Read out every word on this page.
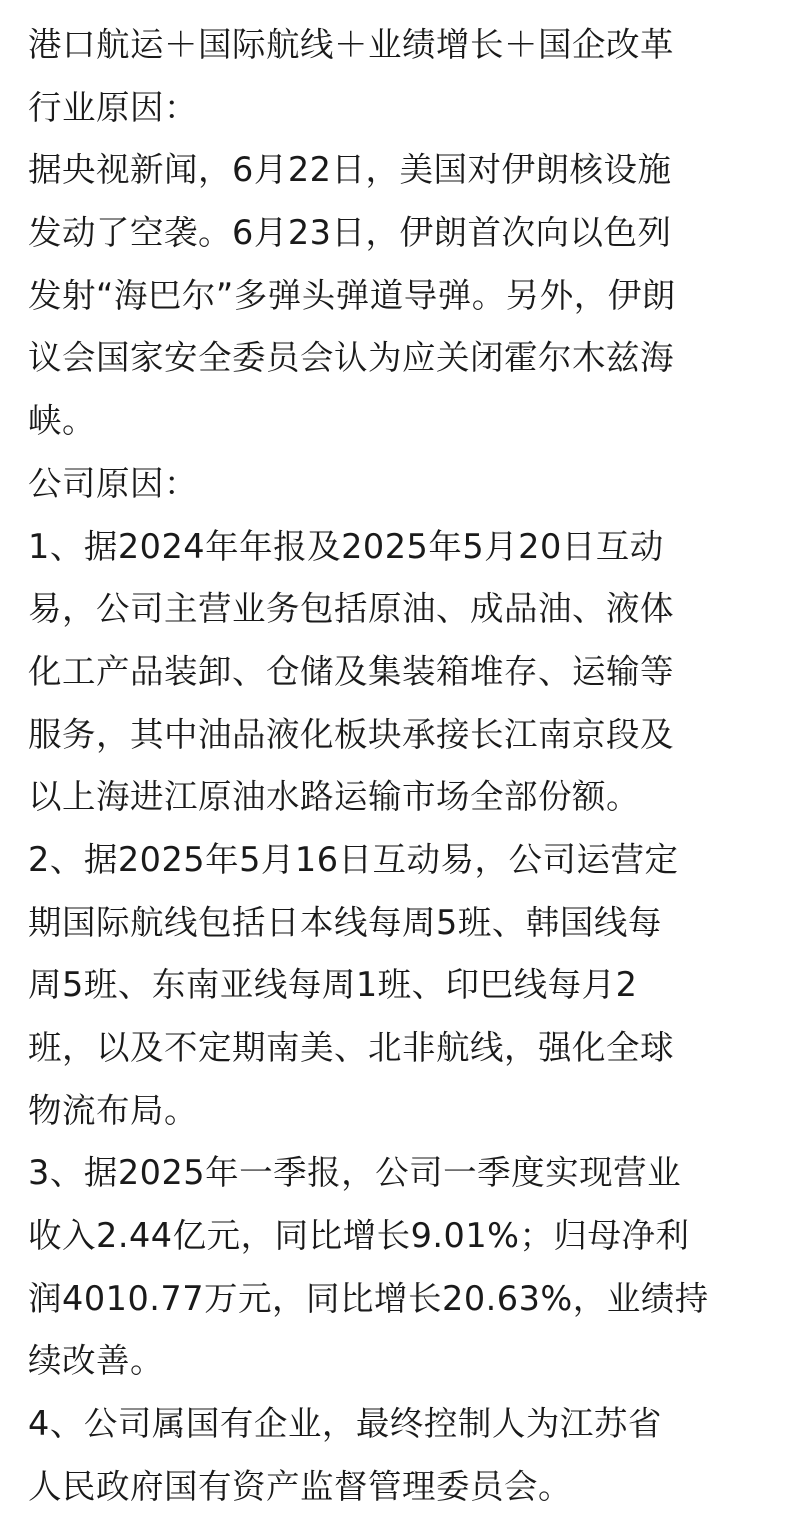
港口航运＋国际航线＋业绩增长＋国企改革
行业原因：
据央视新闻，6月22日，美国对伊朗核设施
发动了空袭。6月23日，伊朗首次向以色列
发射“海巴尔”多弹头弹道导弹。另外，伊朗
议会国家安全委员会认为应关闭霍尔木兹海
峡。
公司原因：
1、据2024年年报及2025年5月20日互动
易，公司主营业务包括原油、成品油、液体
化工产品装卸、仓储及集装箱堆存、运输等
服务，其中油品液化板块承接长江南京段及
以上海进江原油水路运输市场全部份额。
2、据2025年5月16日互动易，公司运营定
期国际航线包括日本线每周5班、韩国线每
周5班、东南亚线每周1班、印巴线每月2
班，以及不定期南美、北非航线，强化全球
物流布局。
3、据2025年一季报，公司一季度实现营业
收入2.44亿元，同比增长9.01%；归母净利
润4010.77万元，同比增长20.63%，业绩持
续改善。
4、公司属国有企业，最终控制人为江苏省
人民政府国有资产监督管理委员会。
